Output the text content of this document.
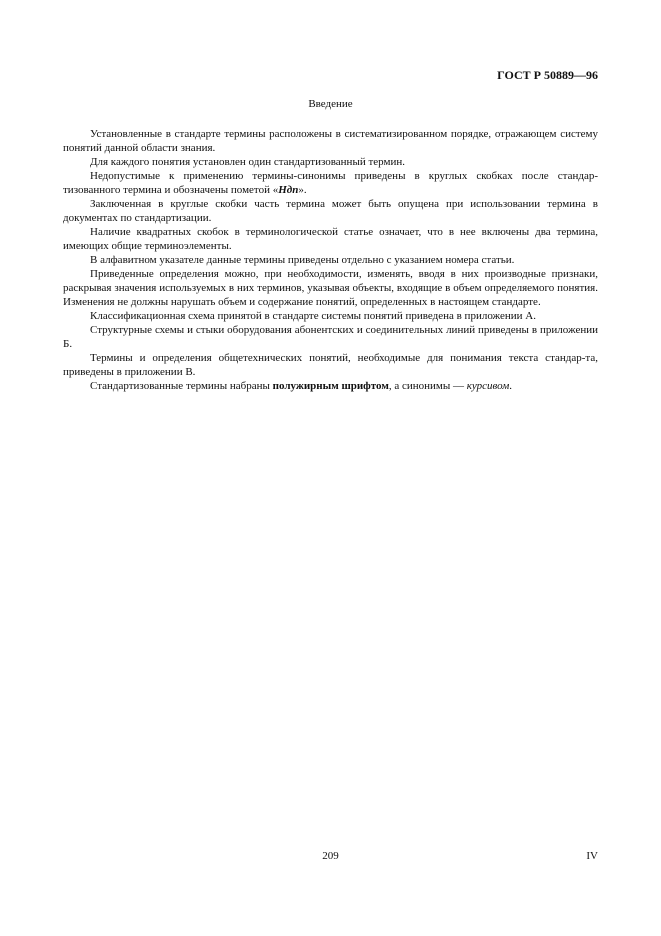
ГОСТ Р 50889—96
Введение

Установленные в стандарте термины расположены в систематизированном порядке, отражающем систему понятий данной области знания.

Для каждого понятия установлен один стандартизованный термин.

Недопустимые к применению термины-синонимы приведены в круглых скобках после стандар-тизованного термина и обозначены пометой «Ндп».

Заключенная в круглые скобки часть термина может быть опущена при использовании термина в документах по стандартизации.

Наличие квадратных скобок в терминологической статье означает, что в нее включены два термина, имеющих общие терминоэлементы.

В алфавитном указателе данные термины приведены отдельно с указанием номера статьи.

Приведенные определения можно, при необходимости, изменять, вводя в них производные признаки, раскрывая значения используемых в них терминов, указывая объекты, входящие в объем определяемого понятия. Изменения не должны нарушать объем и содержание понятий, определенных в настоящем стандарте.

Классификационная схема принятой в стандарте системы понятий приведена в приложении А.

Структурные схемы и стыки оборудования абонентских и соединительных линий приведены в приложении Б.

Термины и определения общетехнических понятий, необходимые для понимания текста стандар-та, приведены в приложении В.

Стандартизованные термины набраны полужирным шрифтом, а синонимы — курсивом.

209	IV
